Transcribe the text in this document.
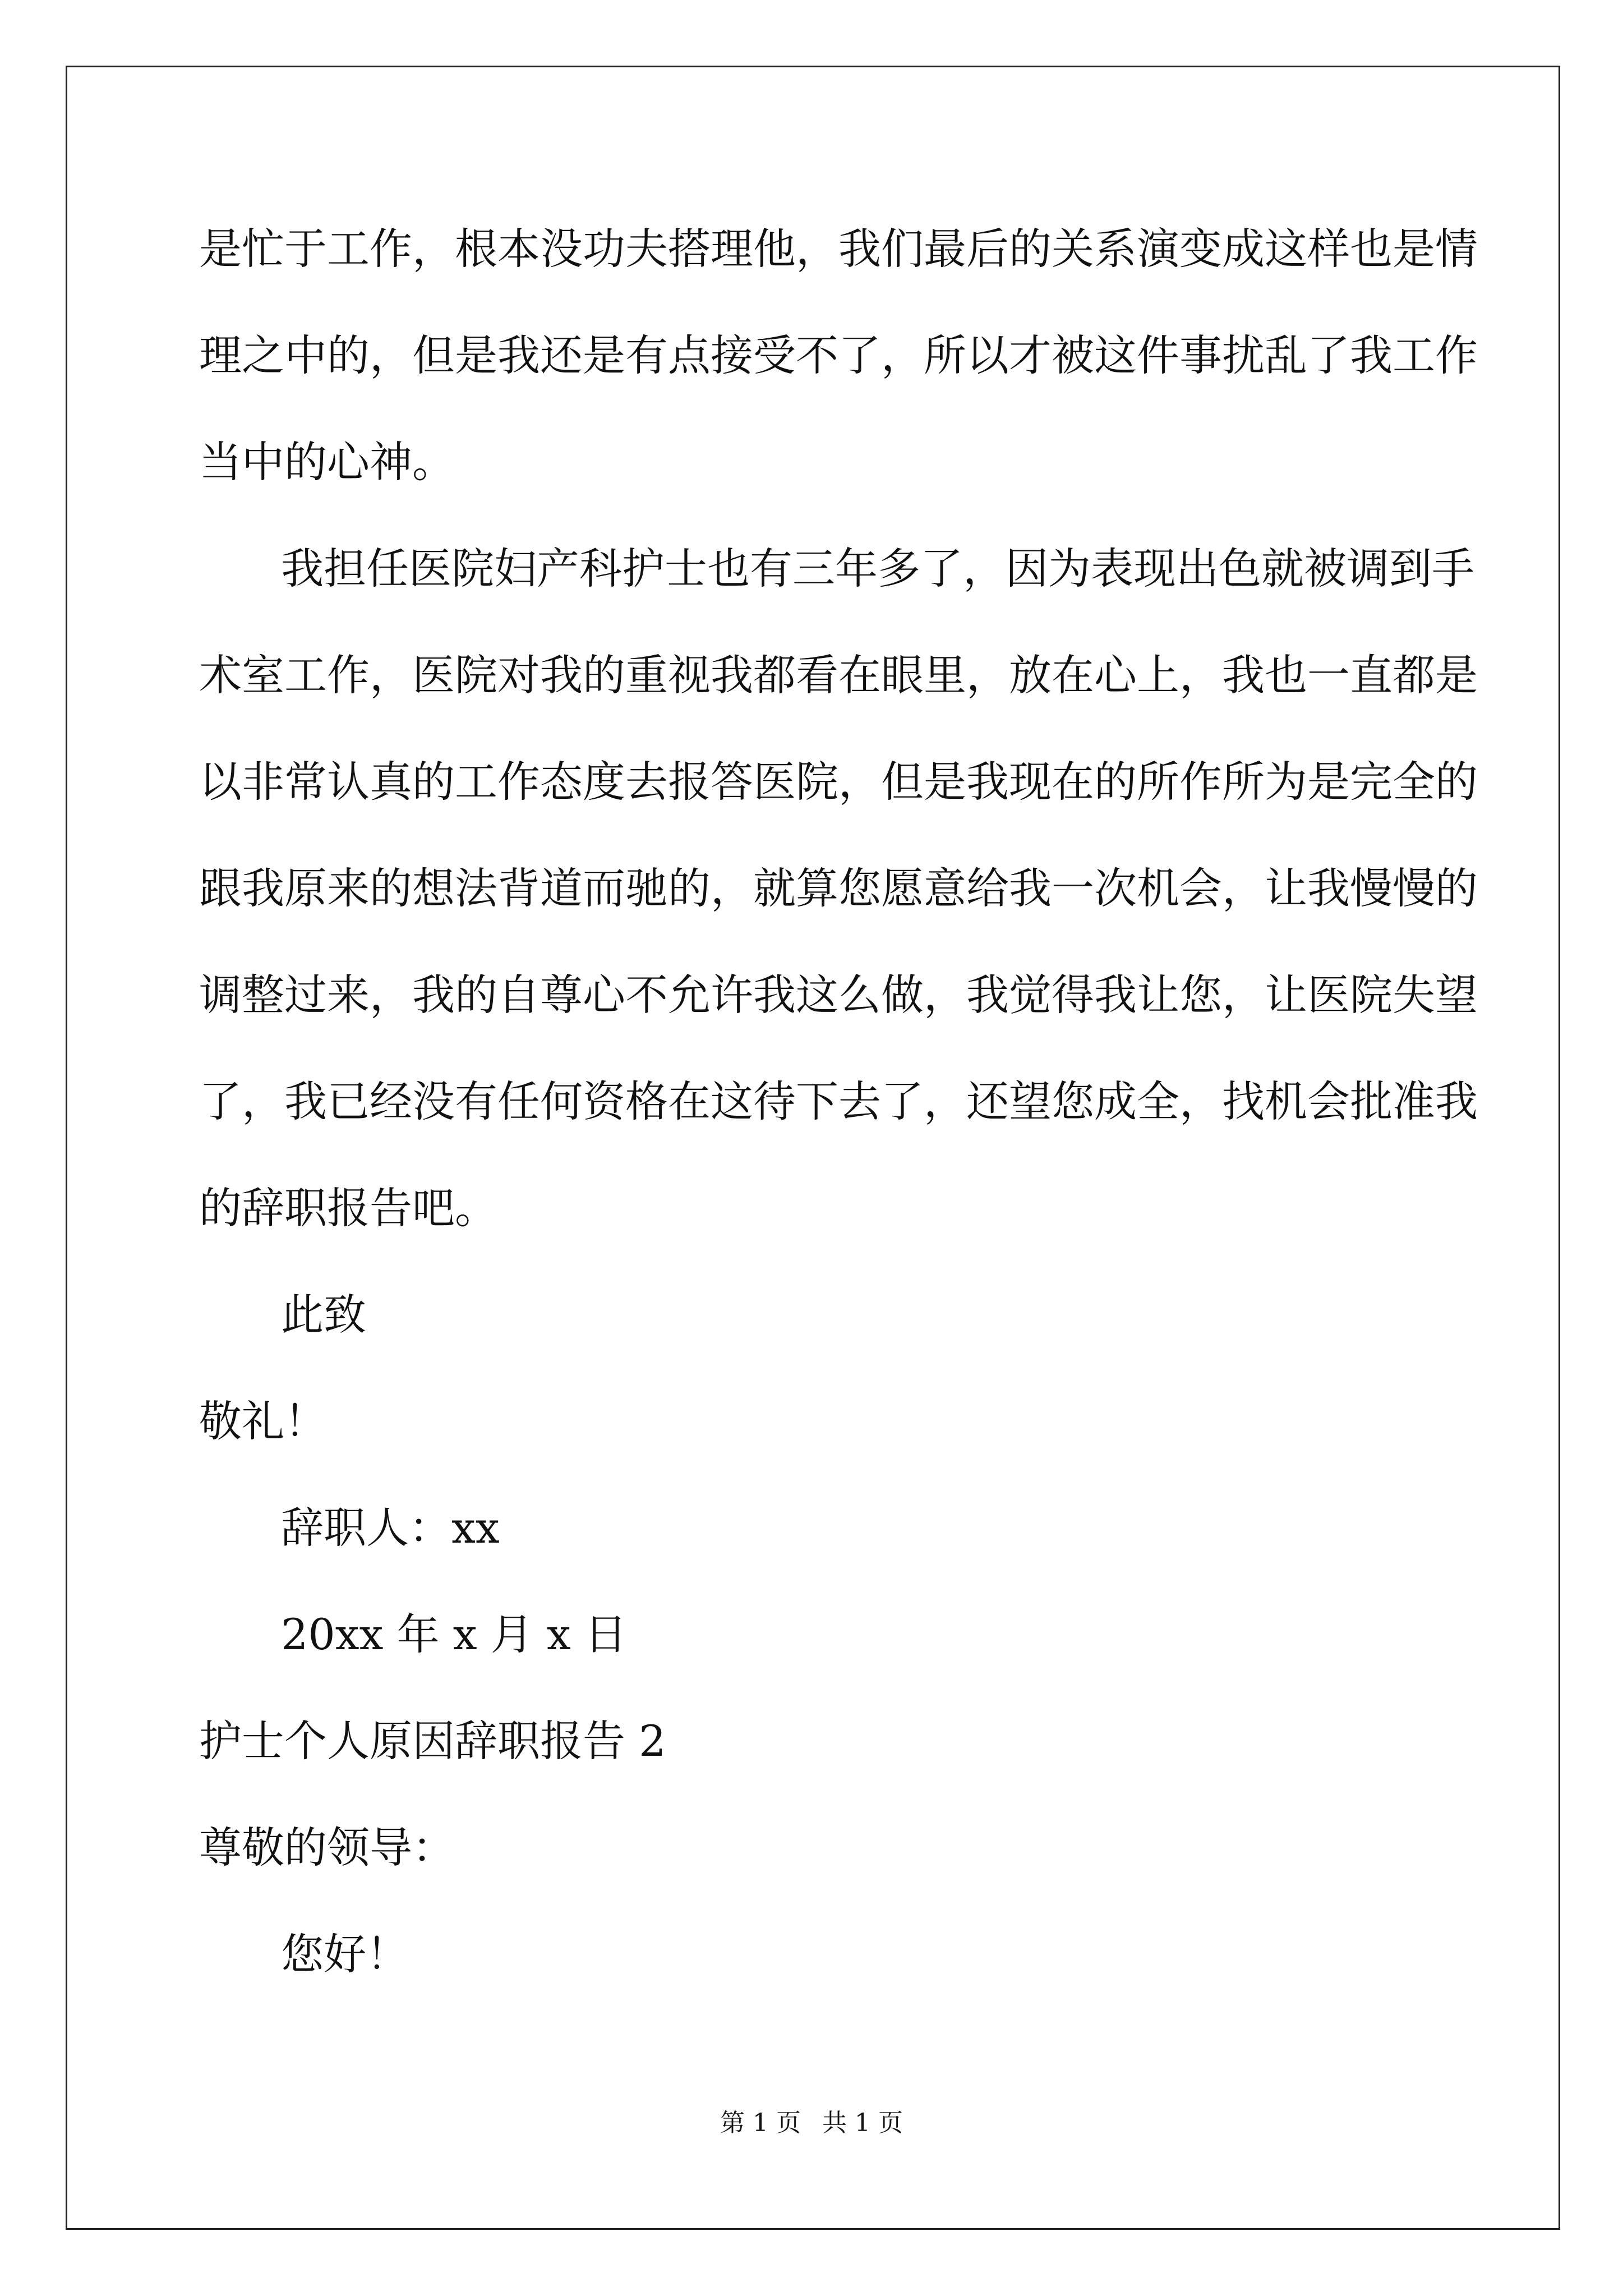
是忙于工作，根本没功夫搭理他，我们最后的关系演变成这样也是情

理之中的，但是我还是有点接受不了，所以才被这件事扰乱了我工作

当中的心神。

我担任医院妇产科护士也有三年多了，因为表现出色就被调到手

术室工作，医院对我的重视我都看在眼里，放在心上，我也一直都是

以非常认真的工作态度去报答医院，但是我现在的所作所为是完全的

跟我原来的想法背道而驰的，就算您愿意给我一次机会，让我慢慢的

调整过来，我的自尊心不允许我这么做，我觉得我让您，让医院失望

了，我已经没有任何资格在这待下去了，还望您成全，找机会批准我

的辞职报告吧。

此致

敬礼！

辞职人：xx

20xx 年 x 月 x 日

护士个人原因辞职报告 2

尊敬的领导：

您好！

第 1 页 共 1 页
